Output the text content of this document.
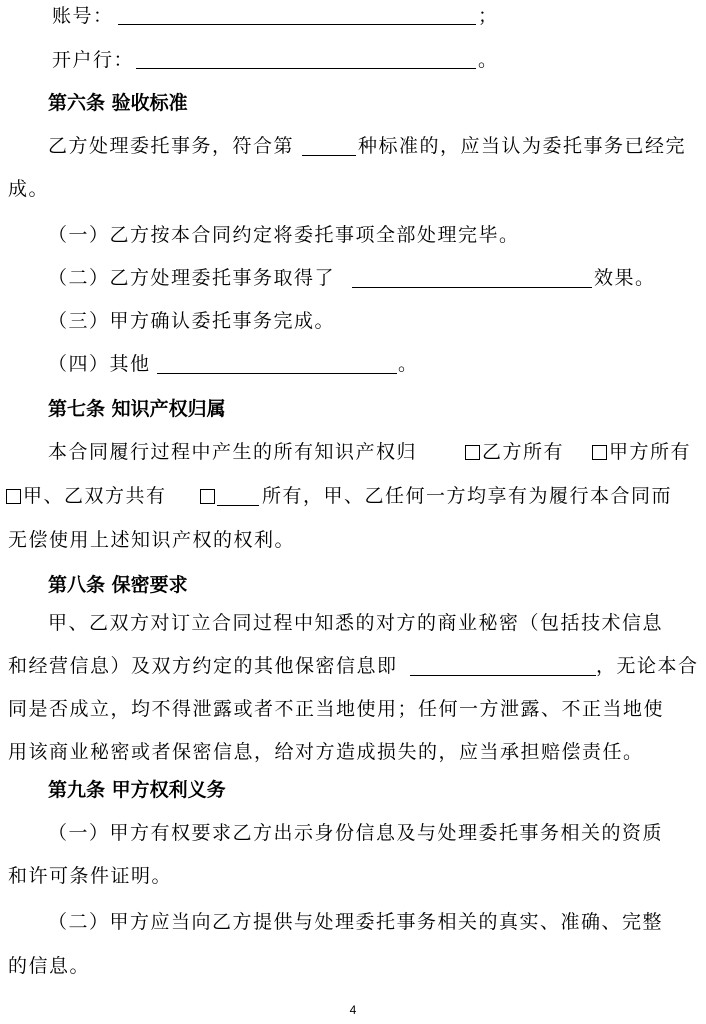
账号：	；
开户行：	。
第六条 验收标准
乙方处理委托事务，符合第	种标准的，应当认为委托事务已经完
成。
（一）乙方按本合同约定将委托事项全部处理完毕。
（二）乙方处理委托事务取得了	效果。
（三）甲方确认委托事务完成。
（四）其他	。
第七条 知识产权归属
本合同履行过程中产生的所有知识产权归	乙方所有 甲方所有
甲、乙双方共有	所有，甲、乙任何一方均享有为履行本合同而
无偿使用上述知识产权的权利。
第八条 保密要求
甲、乙双方对订立合同过程中知悉的对方的商业秘密（包括技术信息
和经营信息）及双方约定的其他保密信息即	，无论本合
同是否成立，均不得泄露或者不正当地使用；任何一方泄露、不正当地使
用该商业秘密或者保密信息，给对方造成损失的，应当承担赔偿责任。
第九条 甲方权利义务
（一）甲方有权要求乙方出示身份信息及与处理委托事务相关的资质
和许可条件证明。
（二）甲方应当向乙方提供与处理委托事务相关的真实、准确、完整
的信息。
4
